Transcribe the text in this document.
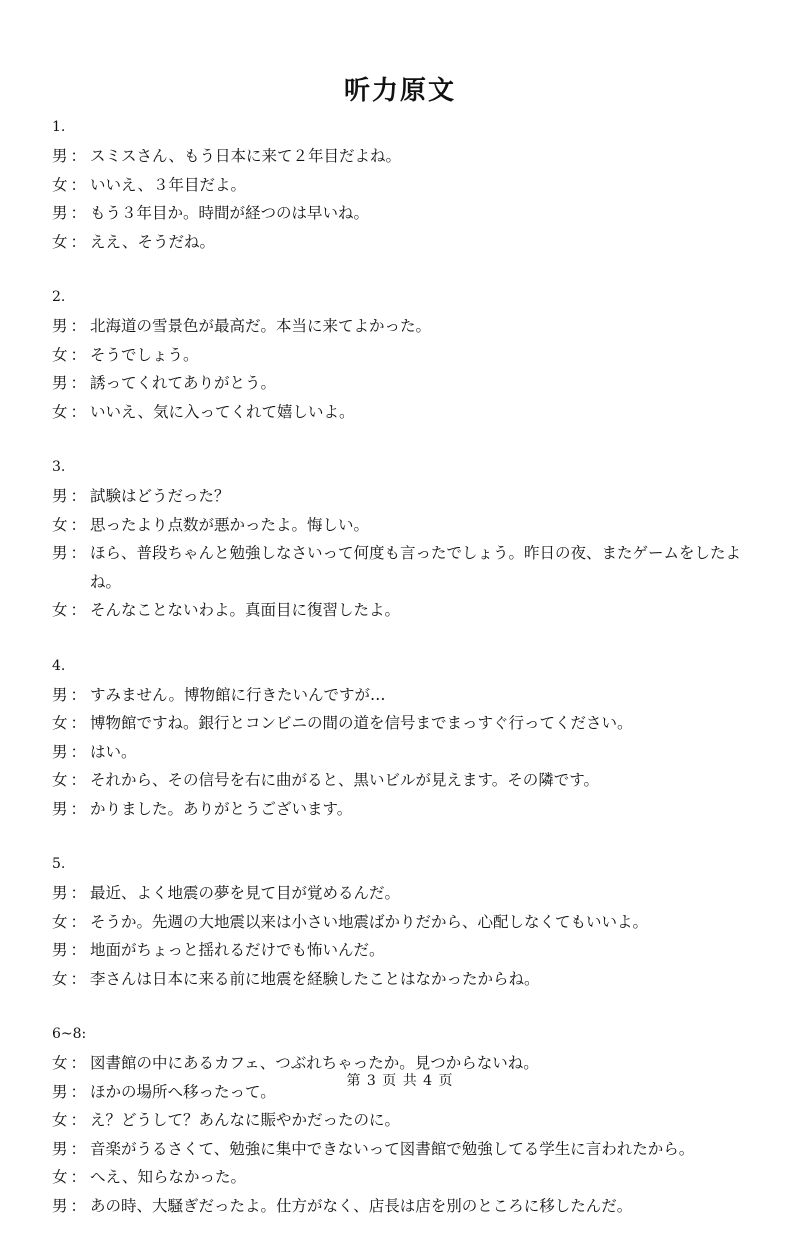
听力原文
1.
男 ： スミスさん、もう日本に来て２年目だよね。
女 ： いいえ、３年目だよ。
男 ： もう３年目か。時間が経つのは早いね。
女 ： ええ、そうだね。
2.
男 ： 北海道の雪景色が最高だ。本当に来てよかった。
女 ： そうでしょう。
男 ： 誘ってくれてありがとう。
女 ： いいえ、気に入ってくれて嬉しいよ。
3.
男 ： 試験はどうだった？
女 ： 思ったより点数が悪かったよ。悔しい。
男 ： ほら、普段ちゃんと勉強しなさいって何度も言ったでしょう。昨日の夜、またゲームをしたよね。
女 ： そんなことないわよ。真面目に復習したよ。
4.
男 ： すみません。博物館に行きたいんですが…
女 ： 博物館ですね。銀行とコンビニの間の道を信号までまっすぐ行ってください。
男 ： はい。
女 ： それから、その信号を右に曲がると、黒いビルが見えます。その隣です。
男 ： かりました。ありがとうございます。
5.
男 ： 最近、よく地震の夢を見て目が覚めるんだ。
女 ： そうか。先週の大地震以来は小さい地震ばかりだから、心配しなくてもいいよ。
男 ： 地面がちょっと揺れるだけでも怖いんだ。
女 ： 李さんは日本に来る前に地震を経験したことはなかったからね。
6~8:
女 ： 図書館の中にあるカフェ、つぶれちゃったか。見つからないね。
男 ： ほかの場所へ移ったって。
女 ： え？どうして？あんなに賑やかだったのに。
男 ： 音楽がうるさくて、勉強に集中できないって図書館で勉強してる学生に言われたから。
女 ： へえ、知らなかった。
男 ： あの時、大騒ぎだったよ。仕方がなく、店長は店を別のところに移したんだ。
第 3 页 共 4 页
